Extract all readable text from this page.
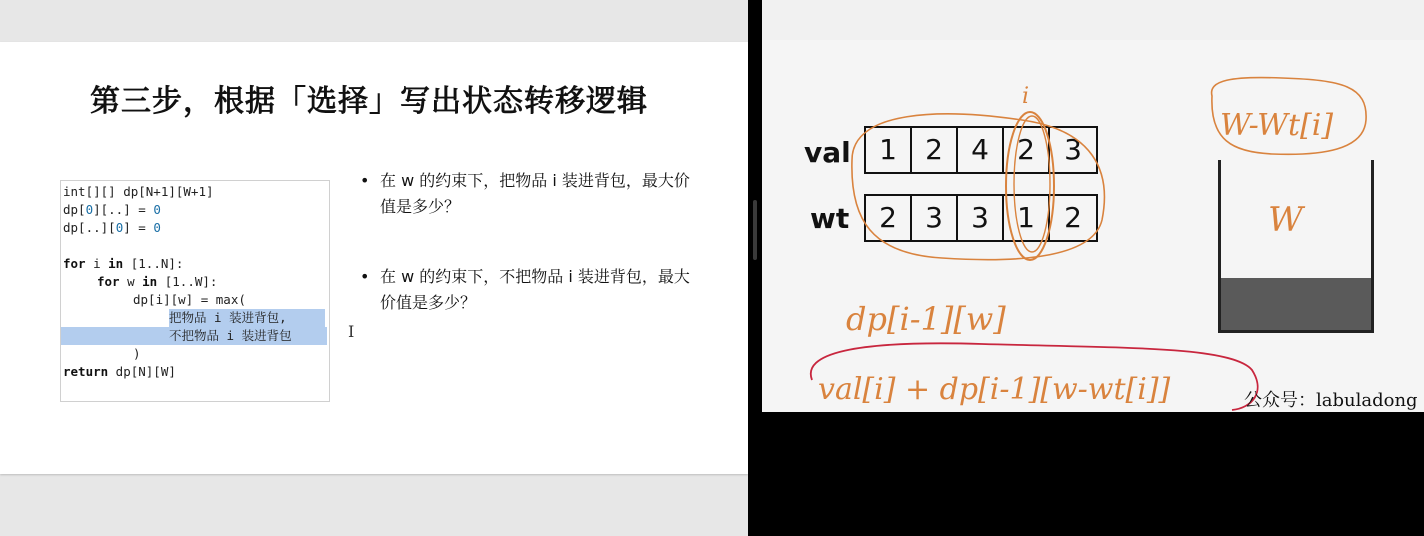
第三步，根据「选择」写出状态转移逻辑
int[][] dp[N+1][W+1]
dp[0][..] = 0
dp[..][0] = 0
for i in [1..N]:
for w in [1..W]:
dp[i][w] = max(
把物品 i 装进背包,
不把物品 i 装进背包
)
return dp[N][W]
I
• 在 w 的约束下，把物品 i 装进背包，最大价值是多少？
• 在 w 的约束下，不把物品 i 装进背包，最大价值是多少？
val	1	2	4	2	3
wt	2	3	3	1	2
i
W-Wt[i]
W
dp[i-1][w]
val[i] + dp[i-1][w-wt[i]]	公众号：labuladong
